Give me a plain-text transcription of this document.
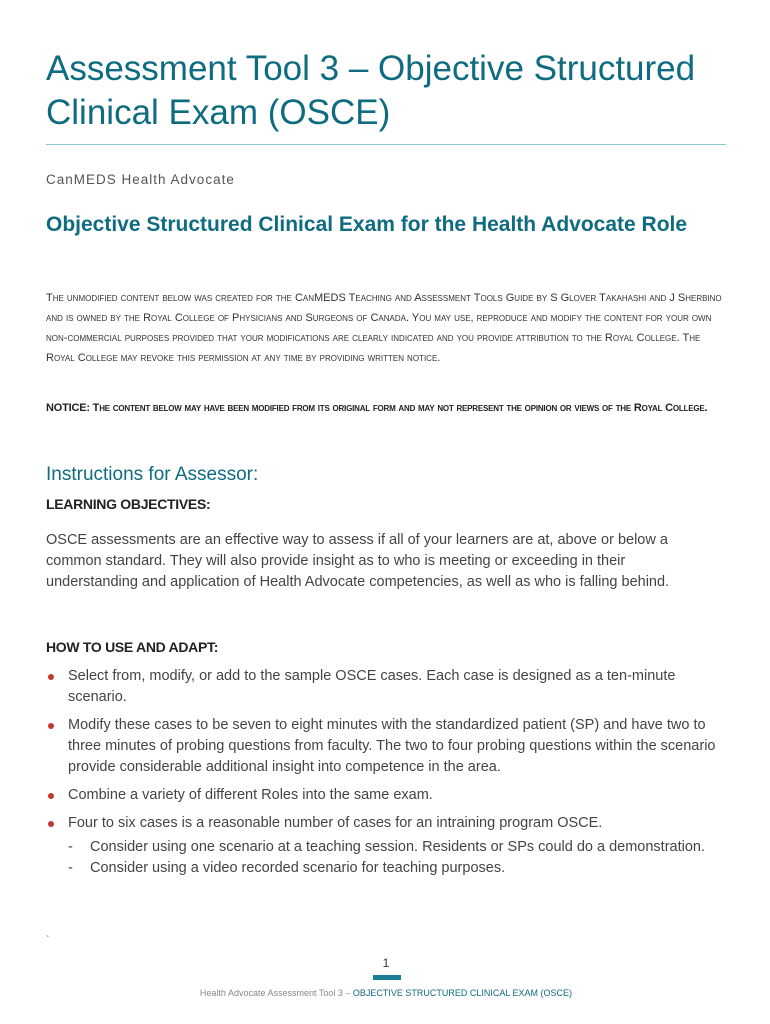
Assessment Tool 3 – Objective Structured Clinical Exam (OSCE)
CanMEDS Health Advocate
Objective Structured Clinical Exam for the Health Advocate Role

The unmodified content below was created for the CanMEDS Teaching and Assessment Tools Guide by S Glover Takahashi and J Sherbino and is owned by the Royal College of Physicians and Surgeons of Canada. You may use, reproduce and modify the content for your own non-commercial purposes provided that your modifications are clearly indicated and you provide attribution to the Royal College. The Royal College may revoke this permission at any time by providing written notice.

NOTICE: The content below may have been modified from its original form and may not represent the opinion or views of the Royal College.

Instructions for Assessor:
LEARNING OBJECTIVES:

OSCE assessments are an effective way to assess if all of your learners are at, above or below a common standard. They will also provide insight as to who is meeting or exceeding in their understanding and application of Health Advocate competencies, as well as who is falling behind.

HOW TO USE AND ADAPT:
Select from, modify, or add to the sample OSCE cases. Each case is designed as a ten-minute scenario.
Modify these cases to be seven to eight minutes with the standardized patient (SP) and have two to three minutes of probing questions from faculty. The two to four probing questions within the scenario provide considerable additional insight into competence in the area.
Combine a variety of different Roles into the same exam.
Four to six cases is a reasonable number of cases for an intraining program OSCE.
- Consider using one scenario at a teaching session. Residents or SPs could do a demonstration.
- Consider using a video recorded scenario for teaching purposes.
`
1
Health Advocate Assessment Tool 3 – OBJECTIVE STRUCTURED CLINICAL EXAM (OSCE)
